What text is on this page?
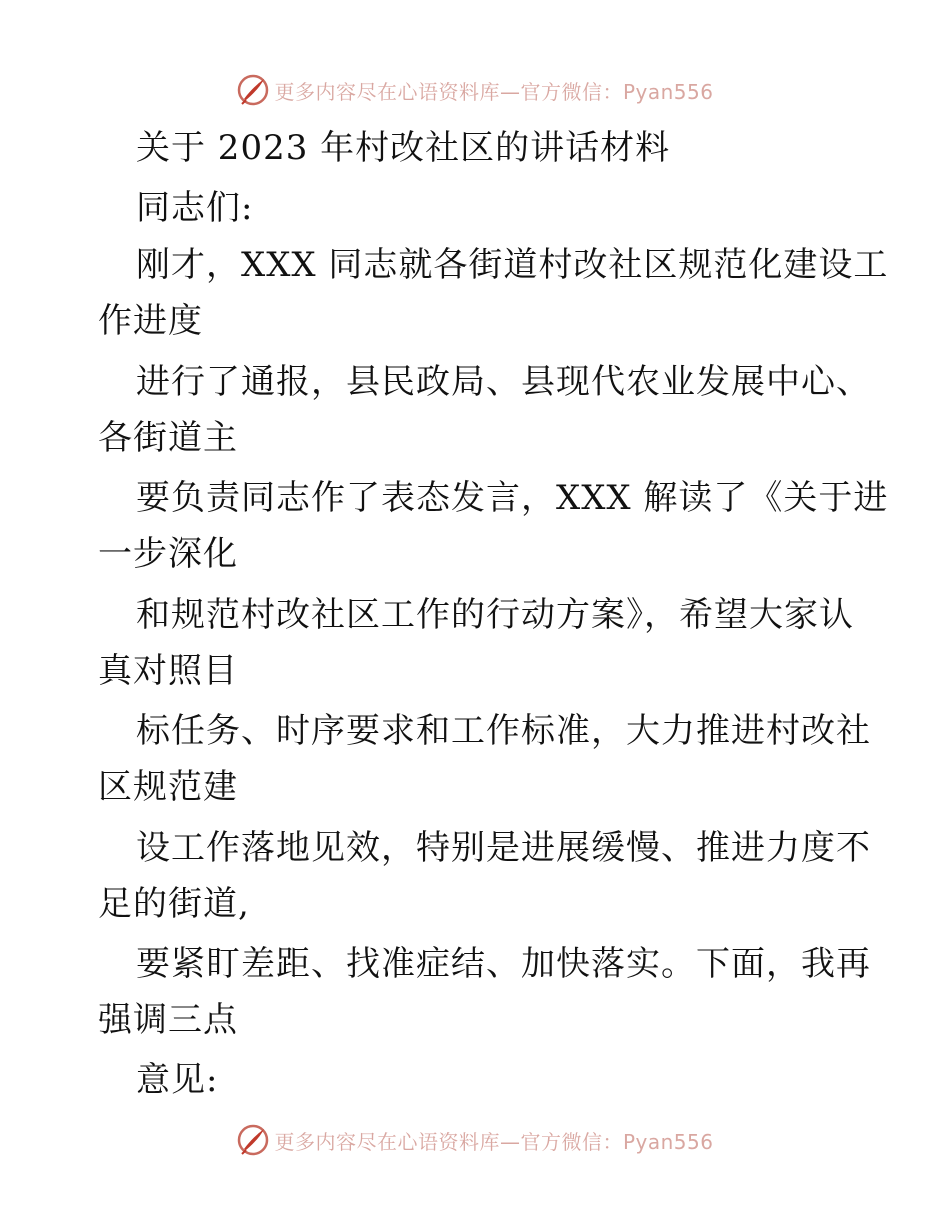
更多内容尽在心语资料库—官方微信：Pyan556
关于 2023 年村改社区的讲话材料
同志们:
刚才，XXX 同志就各街道村改社区规范化建设工
作进度
进行了通报，县民政局、县现代农业发展中心、
各街道主
要负责同志作了表态发言，XXX 解读了《关于进
一步深化
和规范村改社区工作的行动方案》，希望大家认
真对照目
标任务、时序要求和工作标准，大力推进村改社
区规范建
设工作落地见效，特别是进展缓慢、推进力度不
足的街道,
要紧盯差距、找准症结、加快落实。下面，我再
强调三点
意见:
更多内容尽在心语资料库—官方微信：Pyan556
